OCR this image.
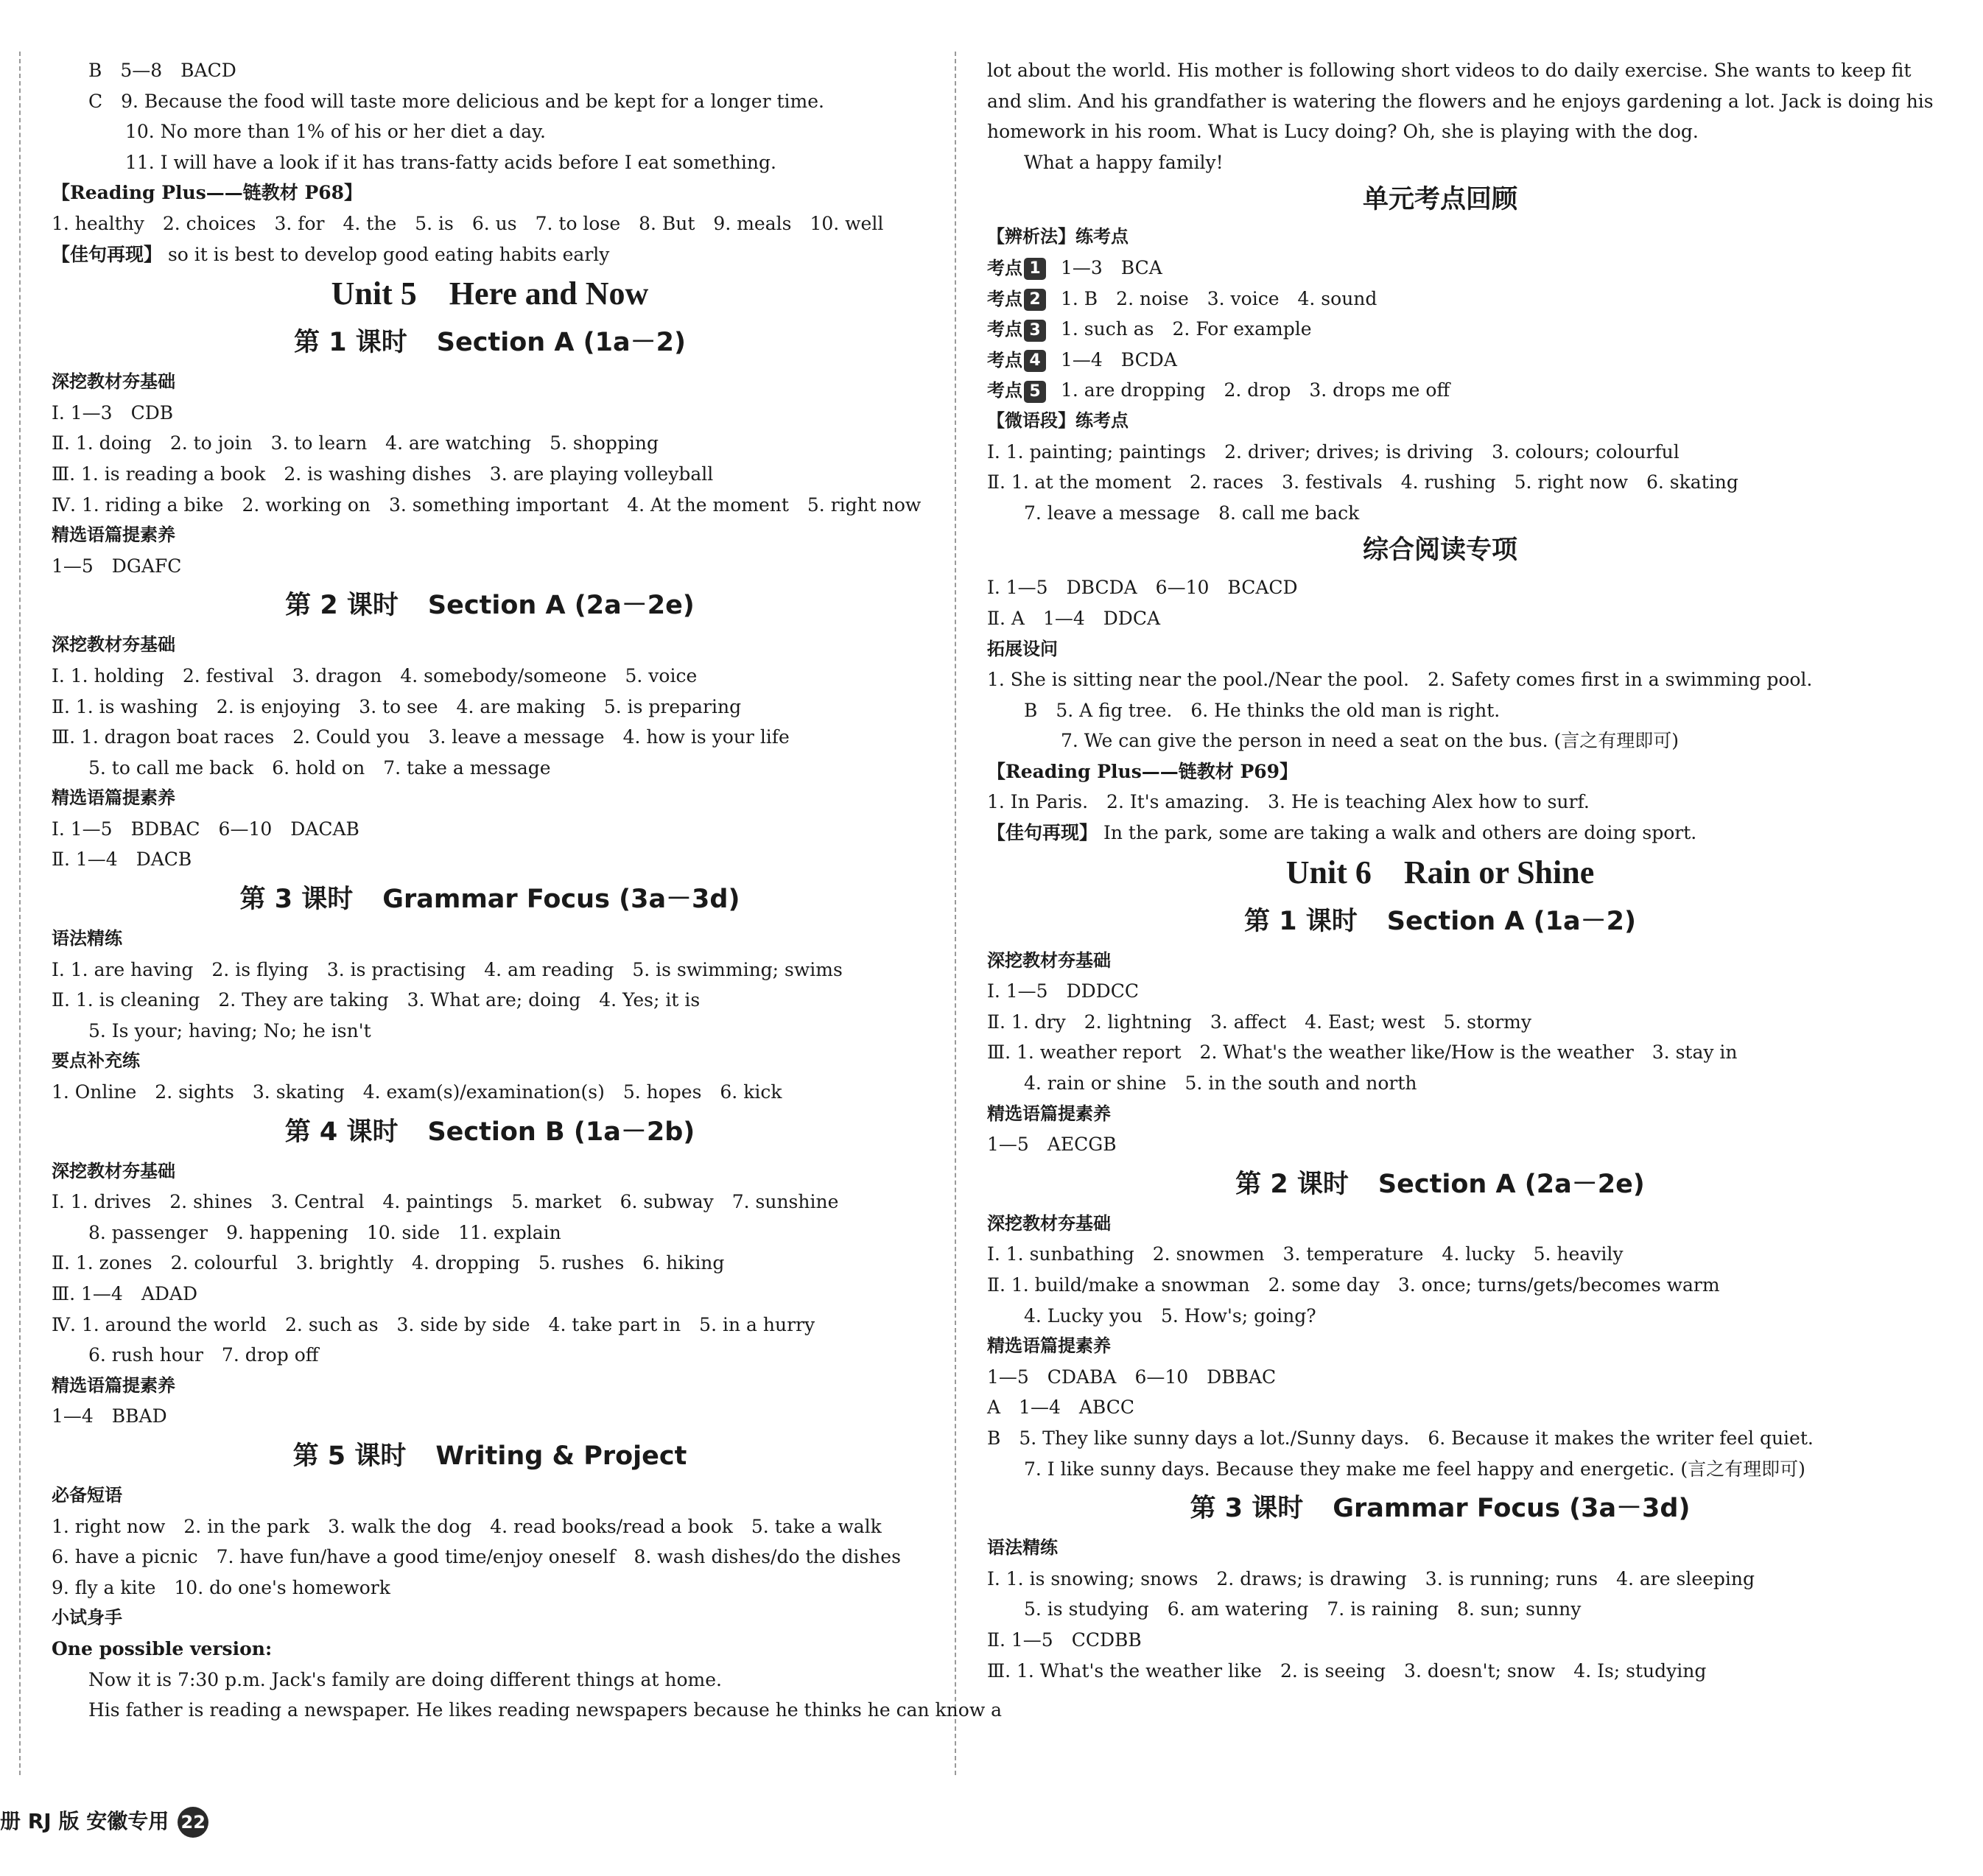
B　5—8　BACD
C　9. Because the food will taste more delicious and be kept for a longer time.
10. No more than 1% of his or her diet a day.
11. I will have a look if it has trans-fatty acids before I eat something.
【Reading Plus——链教材 P68】
1. healthy　2. choices　3. for　4. the　5. is　6. us　7. to lose　8. But　9. meals　10. well
【佳句再现】 so it is best to develop good eating habits early
Unit 5　Here and Now
第 1 课时 Section A (1a－2)
深挖教材夯基础
Ⅰ. 1—3　CDB
Ⅱ. 1. doing　2. to join　3. to learn　4. are watching　5. shopping
Ⅲ. 1. is reading a book　2. is washing dishes　3. are playing volleyball
Ⅳ. 1. riding a bike　2. working on　3. something important　4. At the moment　5. right now
精选语篇提素养
1—5　DGAFC
第 2 课时 Section A (2a－2e)
深挖教材夯基础
Ⅰ. 1. holding　2. festival　3. dragon　4. somebody/someone　5. voice
Ⅱ. 1. is washing　2. is enjoying　3. to see　4. are making　5. is preparing
Ⅲ. 1. dragon boat races　2. Could you　3. leave a message　4. how is your life
5. to call me back　6. hold on　7. take a message
精选语篇提素养
Ⅰ. 1—5　BDBAC　6—10　DACAB
Ⅱ. 1—4　DACB
第 3 课时 Grammar Focus (3a－3d)
语法精练
Ⅰ. 1. are having　2. is flying　3. is practising　4. am reading　5. is swimming; swims
Ⅱ. 1. is cleaning　2. They are taking　3. What are; doing　4. Yes; it is
5. Is your; having; No; he isn't
要点补充练
1. Online　2. sights　3. skating　4. exam(s)/examination(s)　5. hopes　6. kick
第 4 课时 Section B (1a－2b)
深挖教材夯基础
Ⅰ. 1. drives　2. shines　3. Central　4. paintings　5. market　6. subway　7. sunshine
8. passenger　9. happening　10. side　11. explain
Ⅱ. 1. zones　2. colourful　3. brightly　4. dropping　5. rushes　6. hiking
Ⅲ. 1—4　ADAD
Ⅳ. 1. around the world　2. such as　3. side by side　4. take part in　5. in a hurry
6. rush hour　7. drop off
精选语篇提素养
1—4　BBAD
第 5 课时 Writing & Project
必备短语
1. right now　2. in the park　3. walk the dog　4. read books/read a book　5. take a walk
6. have a picnic　7. have fun/have a good time/enjoy oneself　8. wash dishes/do the dishes
9. fly a kite　10. do one's homework
小试身手
One possible version:
Now it is 7:30 p.m. Jack's family are doing different things at home.
His father is reading a newspaper. He likes reading newspapers because he thinks he can know a
lot about the world. His mother is following short videos to do daily exercise. She wants to keep fit
and slim. And his grandfather is watering the flowers and he enjoys gardening a lot. Jack is doing his
homework in his room. What is Lucy doing? Oh, she is playing with the dog.
What a happy family!
单元考点回顾
【辨析法】练考点
考点 1 1—3　BCA
考点 2 1. B　2. noise　3. voice　4. sound
考点 3 1. such as　2. For example
考点 4 1—4　BCDA
考点 5 1. are dropping　2. drop　3. drops me off
【微语段】练考点
Ⅰ. 1. painting; paintings　2. driver; drives; is driving　3. colours; colourful
Ⅱ. 1. at the moment　2. races　3. festivals　4. rushing　5. right now　6. skating
7. leave a message　8. call me back
综合阅读专项
Ⅰ. 1—5　DBCDA　6—10　BCACD
Ⅱ. A　1—4　DDCA
拓展设问
1. She is sitting near the pool./Near the pool.　2. Safety comes first in a swimming pool.
B　5. A fig tree.　6. He thinks the old man is right.
7. We can give the person in need a seat on the bus. (言之有理即可)
【Reading Plus——链教材 P69】
1. In Paris.　2. It's amazing.　3. He is teaching Alex how to surf.
【佳句再现】 In the park, some are taking a walk and others are doing sport.
Unit 6　Rain or Shine
第 1 课时 Section A (1a－2)
深挖教材夯基础
Ⅰ. 1—5　DDDCC
Ⅱ. 1. dry　2. lightning　3. affect　4. East; west　5. stormy
Ⅲ. 1. weather report　2. What's the weather like/How is the weather　3. stay in
4. rain or shine　5. in the south and north
精选语篇提素养
1—5　AECGB
第 2 课时 Section A (2a－2e)
深挖教材夯基础
Ⅰ. 1. sunbathing　2. snowmen　3. temperature　4. lucky　5. heavily
Ⅱ. 1. build/make a snowman　2. some day　3. once; turns/gets/becomes warm
4. Lucky you　5. How's; going?
精选语篇提素养
1—5　CDABA　6—10　DBBAC
A　1—4　ABCC
B　5. They like sunny days a lot./Sunny days.　6. Because it makes the writer feel quiet.
7. I like sunny days. Because they make me feel happy and energetic. (言之有理即可)
第 3 课时 Grammar Focus (3a－3d)
语法精练
Ⅰ. 1. is snowing; snows　2. draws; is drawing　3. is running; runs　4. are sleeping
5. is studying　6. am watering　7. is raining　8. sun; sunny
Ⅱ. 1—5　CCDBB
Ⅲ. 1. What's the weather like　2. is seeing　3. doesn't; snow　4. Is; studying
册 RJ 版 安徽专用 22
